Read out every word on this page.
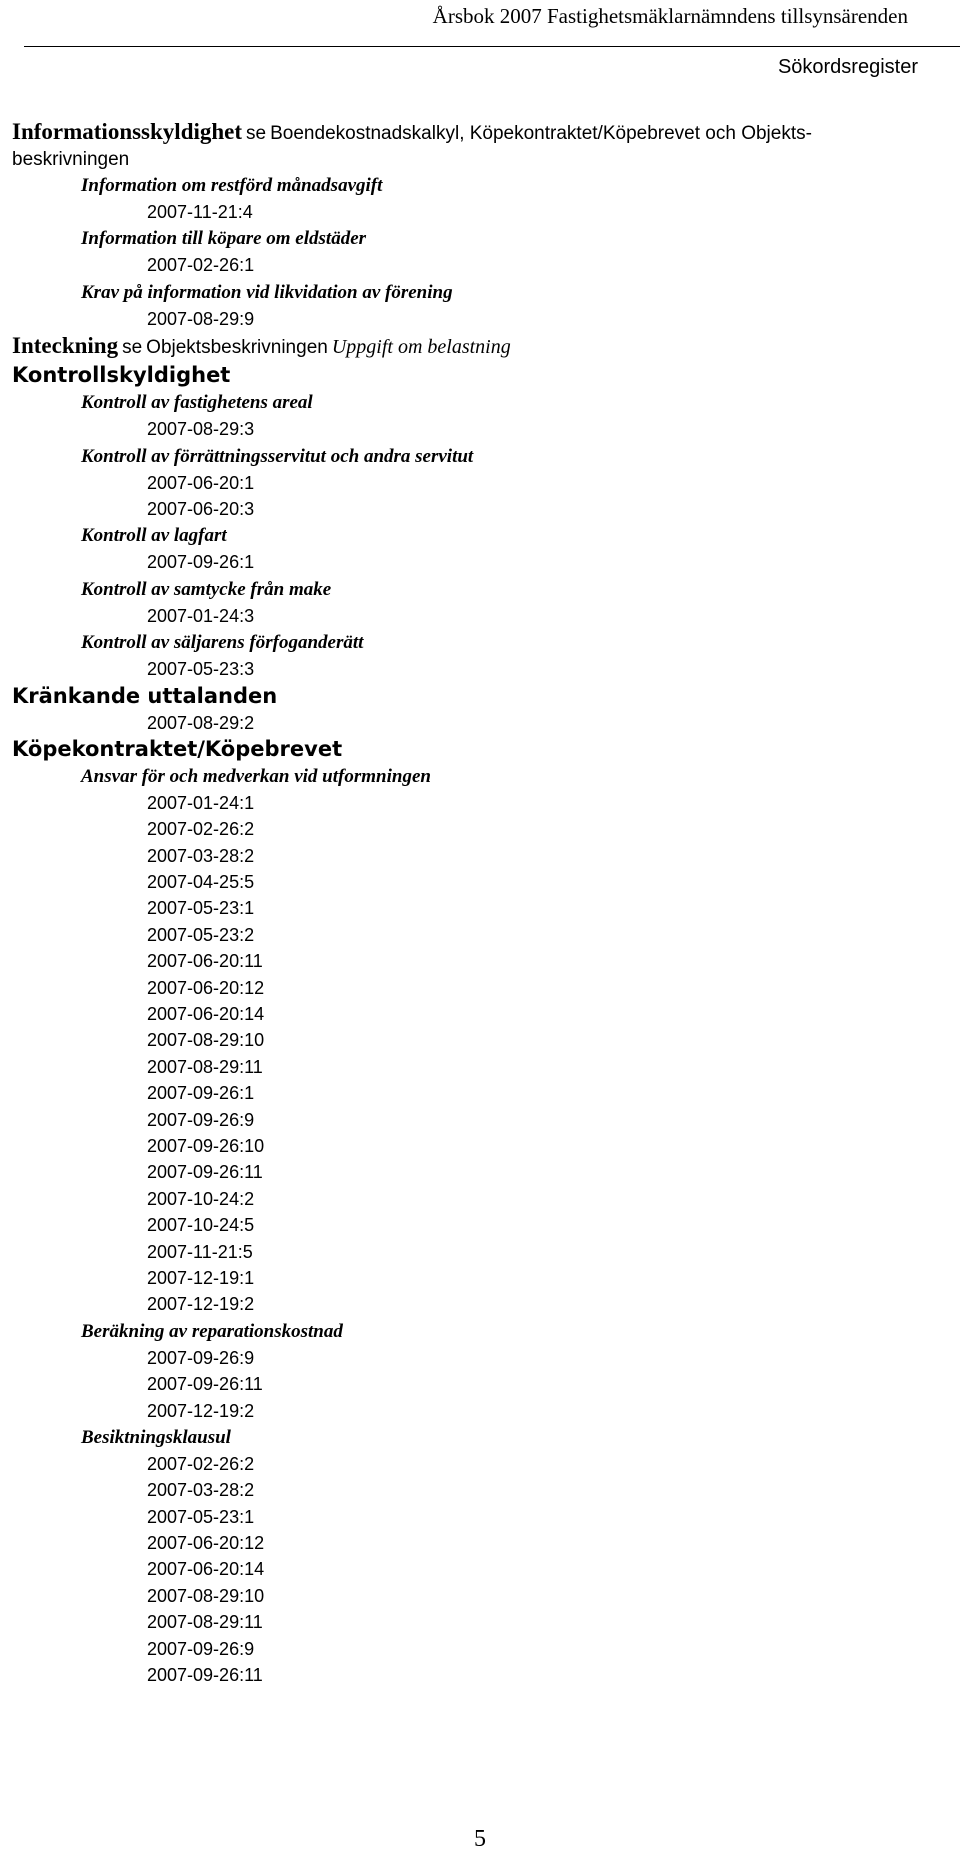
Årsbok 2007 Fastighetsmäklarnämndens tillsynsärenden
Sökordsregister
Informationsskyldighet se Boendekostnadskalkyl, Köpekontraktet/Köpebrevet och Objekts-
beskrivningen
Information om restförd månadsavgift
2007-11-21:4
Information till köpare om eldstäder
2007-02-26:1
Krav på information vid likvidation av förening
2007-08-29:9
Inteckning se Objektsbeskrivningen Uppgift om belastning
Kontrollskyldighet
Kontroll av fastighetens areal
2007-08-29:3
Kontroll av förrättningsservitut och andra servitut
2007-06-20:1
2007-06-20:3
Kontroll av lagfart
2007-09-26:1
Kontroll av samtycke från make
2007-01-24:3
Kontroll av säljarens förfoganderätt
2007-05-23:3
Kränkande uttalanden
2007-08-29:2
Köpekontraktet/Köpebrevet
Ansvar för och medverkan vid utformningen
2007-01-24:1
2007-02-26:2
2007-03-28:2
2007-04-25:5
2007-05-23:1
2007-05-23:2
2007-06-20:11
2007-06-20:12
2007-06-20:14
2007-08-29:10
2007-08-29:11
2007-09-26:1
2007-09-26:9
2007-09-26:10
2007-09-26:11
2007-10-24:2
2007-10-24:5
2007-11-21:5
2007-12-19:1
2007-12-19:2
Beräkning av reparationskostnad
2007-09-26:9
2007-09-26:11
2007-12-19:2
Besiktningsklausul
2007-02-26:2
2007-03-28:2
2007-05-23:1
2007-06-20:12
2007-06-20:14
2007-08-29:10
2007-08-29:11
2007-09-26:9
2007-09-26:11
5
